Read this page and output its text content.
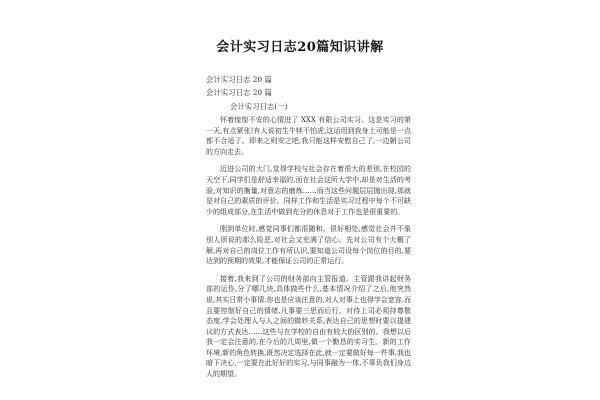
会计实习日志20篇知识讲解
会计实习日志 20 篇
会计实习日志 20 篇
会计实习日志(一)

怀着惶惶不安的心情进了 XXX 有限公司实习。这是实习的第一天,有点紧张!有人说初生牛犊不怕虎,这话用到我身上可能是一点都不合适了。即来之则安之吧,我只能这样安慰自己了,一边朝公司的方向走去。

迈进公司的大门,觉得学校与社会存在着很大的差别,在校园的天空下,同学们是舒适幸福的,而在社会这所大学中,却是对生活的考验,对知识的衡量,对意志的磨炼……而当这些问题层层抛出现,那就是对自己的素质的评价。同样工作和生活是实习过程中每个不可缺少的组成部分,在生活中做到充分的休息对于工作也是很重要的。

刚到单位时,感觉同事们都很随和、很好相处,感觉社会并不象别人所说的那么险恶,对社会又充满了信心。先对公司有个大概了解,再对自己的岗位工作有所认识,要知道公司设每个岗位的目的,要达到的预期的效果,才能保证公司的正常运行。

接着,我来到了公司的财务部向主管报道。主管跟我讲起财务部的运作,分了哪几块,具体做些什么,基本情况介绍了之后,他突然说,其实日常小事情,你也是应该注意的,对人对事上也得学会宽容,而且要控制好自己的情绪,凡事要三思而后行。对待上司必须持尊敬态度,学会处理人与人之间的微妙关系,表达自己的思想时要以提建议的方式表达……这些与在学校的自由有较大的区别的。我想以后我一定会注意的,在今后的几周里,做一个勤恳的实习生。新的工作环境,新的角色转换,既然决定选择在此,就一定要做好每一件事,我也暗下决心,一定要在此好好的实习,与同事融为一体,不辜负我们身边人的期望。
